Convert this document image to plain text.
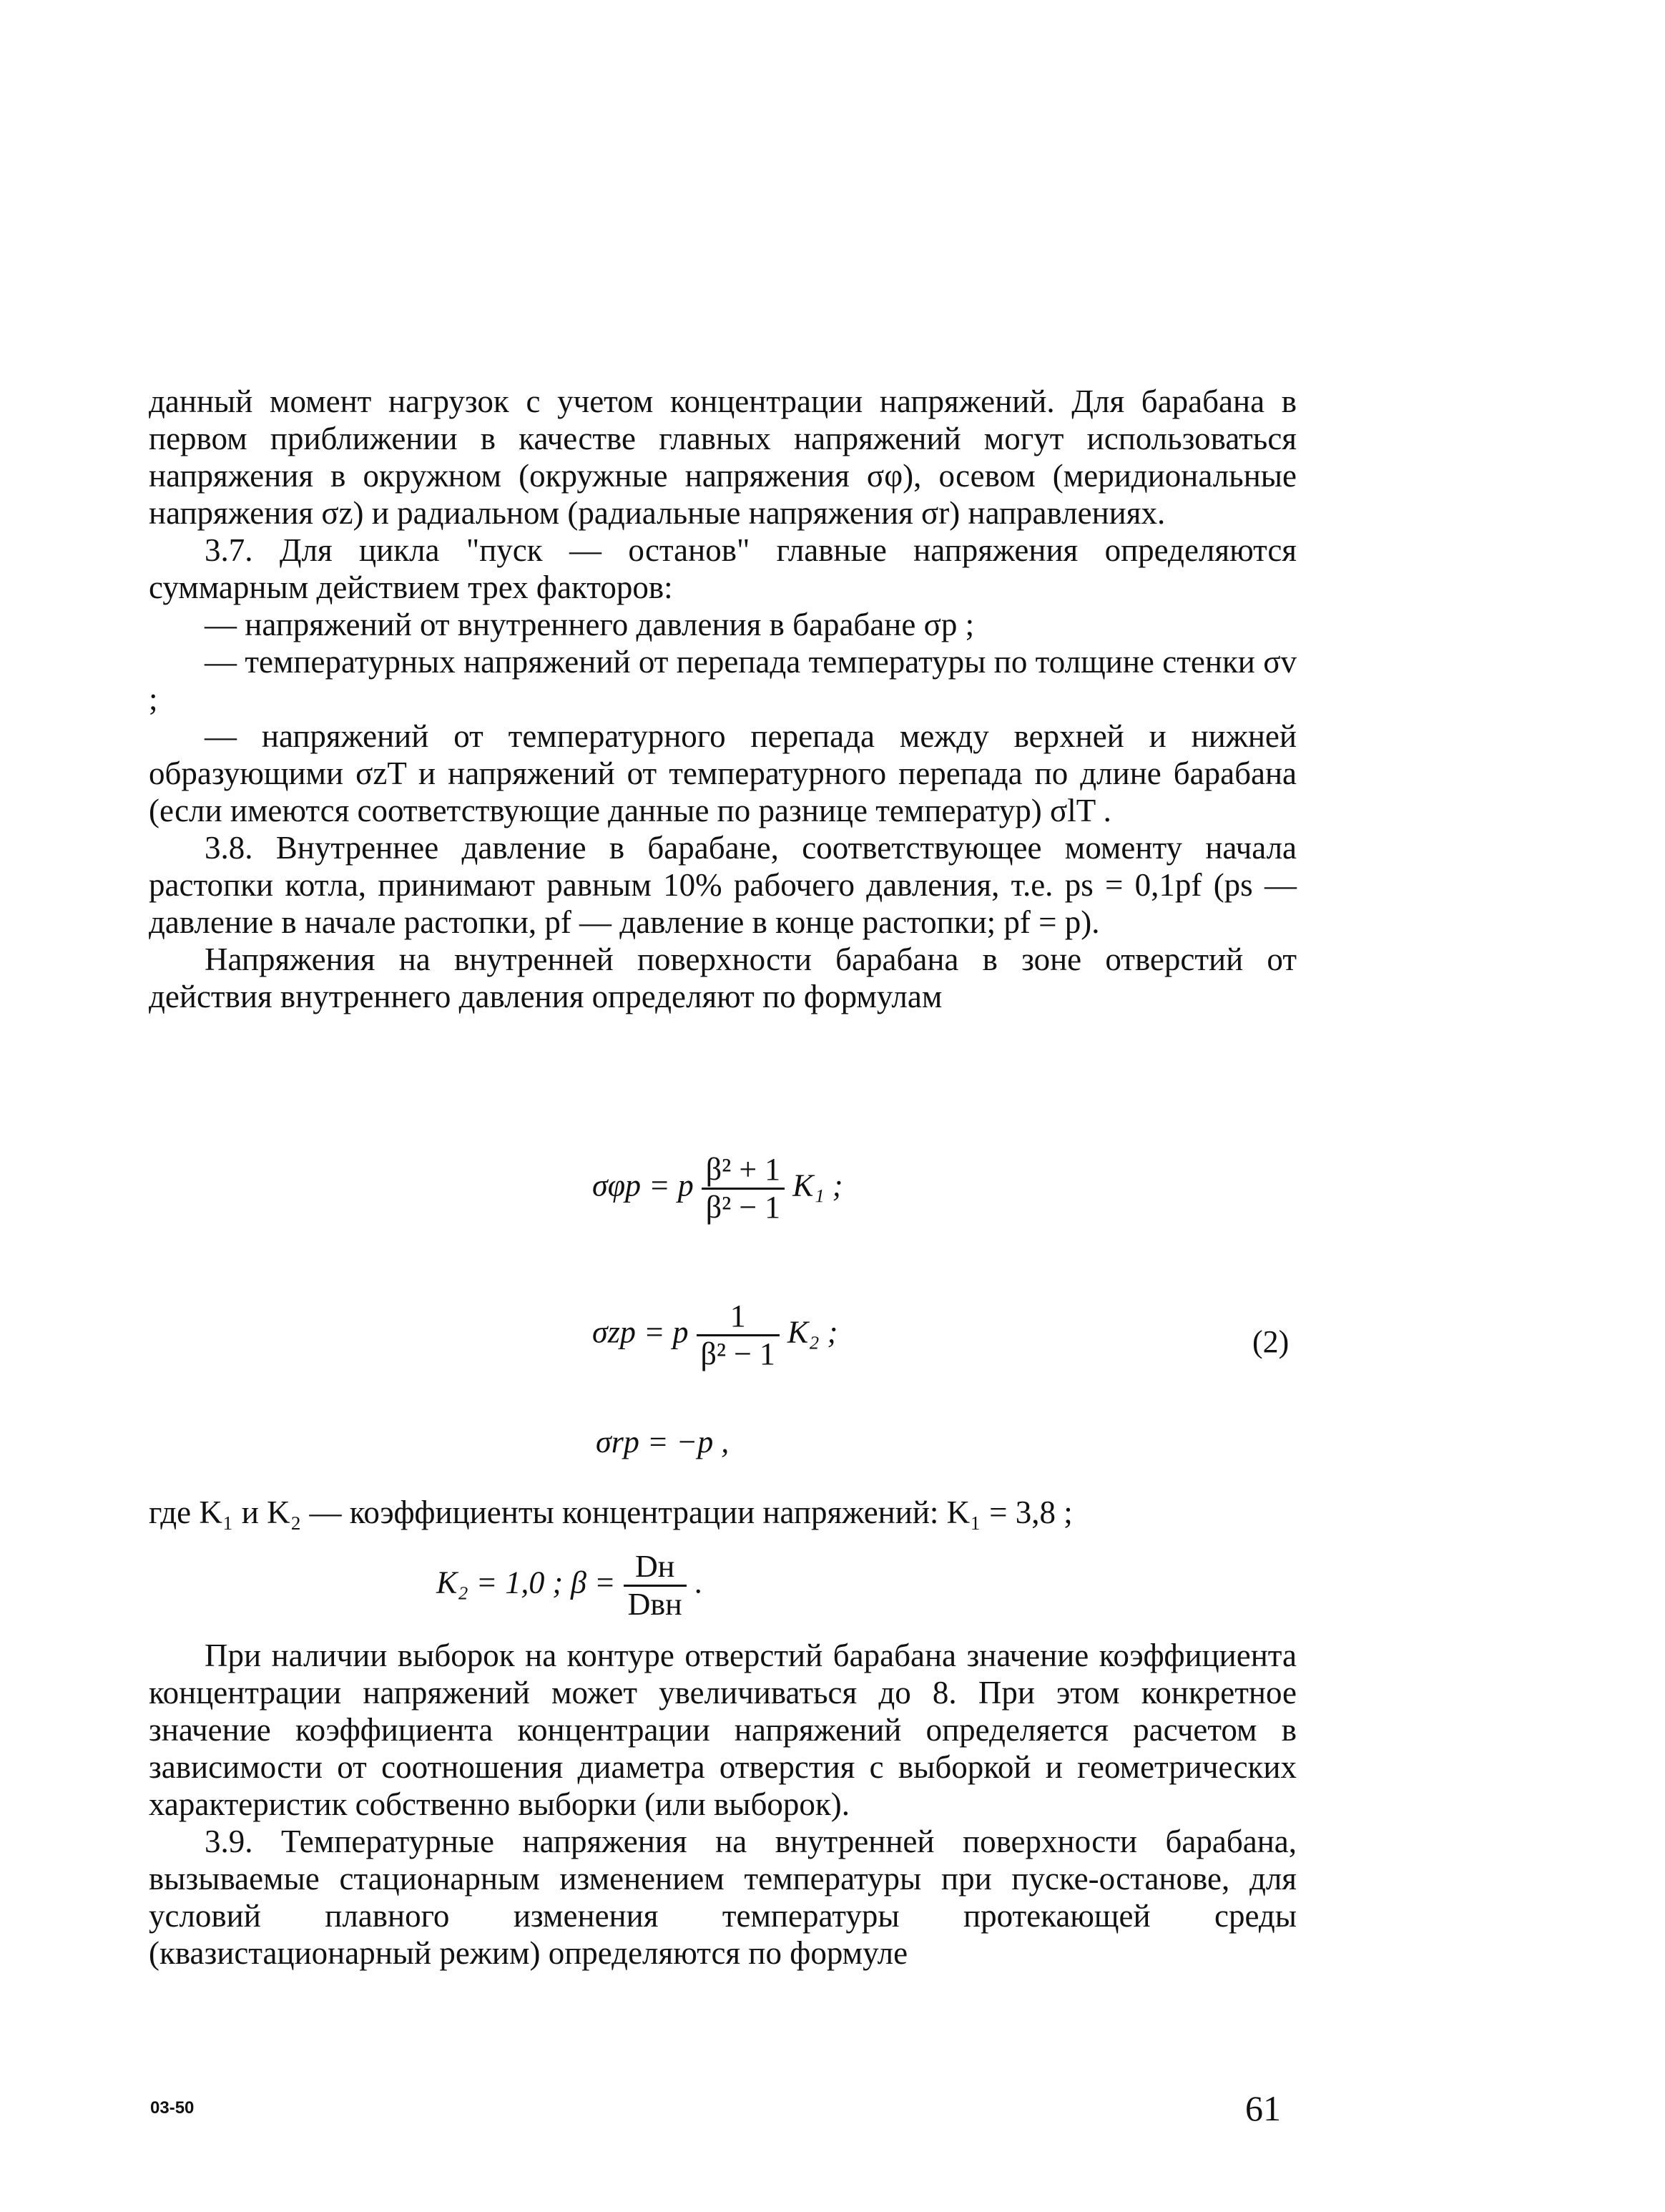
данный момент нагрузок с учетом концентрации напряжений. Для барабана в первом приближении в качестве главных напряжений могут использоваться напряжения в окружном (окружные напряжения σφ), осевом (меридиональные напряжения σz) и радиальном (радиальные напряжения σr) направлениях.

3.7. Для цикла "пуск — останов" главные напряжения определяются суммарным действием трех факторов:

— напряжений от внутреннего давления в барабане σp ;

— температурных напряжений от перепада температуры по толщине стенки σv ;

— напряжений от температурного перепада между верхней и нижней образующими σzT и напряжений от температурного перепада по длине барабана (если имеются соответствующие данные по разнице температур) σlT .

3.8. Внутреннее давление в барабане, соответствующее моменту начала растопки котла, принимают равным 10% рабочего давления, т.е. ps = 0,1pf (ps — давление в начале растопки, pf — давление в конце растопки; pf = p).

Напряжения на внутренней поверхности барабана в зоне отверстий от действия внутреннего давления определяют по формулам

σφp = p $\frac{\text{β² + 1}}{\text{β² − 1}} K_1$ ;
σzp = p $\frac{1}{\text{β² − 1}} K_2$ ;	(2)
σrp = −p ,
где K₁ и K₂ — коэффициенты концентрации напряжений: K₁ = 3,8 ;
K₂ = 1,0 ; $\beta = \frac{Dн}{\text{Dвн}}$ .

При наличии выборок на контуре отверстий барабана значение коэффициента концентрации напряжений может увеличиваться до 8. При этом конкретное значение коэффициента концентрации напряжений определяется расчетом в зависимости от соотношения диаметра отверстия с выборкой и геометрических характеристик собственно выборки (или выборок).

3.9. Температурные напряжения на внутренней поверхности барабана, вызываемые стационарным изменением температуры при пуске-останове, для условий плавного изменения температуры протекающей среды (квазистационарный режим) определяются по формуле

03-50	61
